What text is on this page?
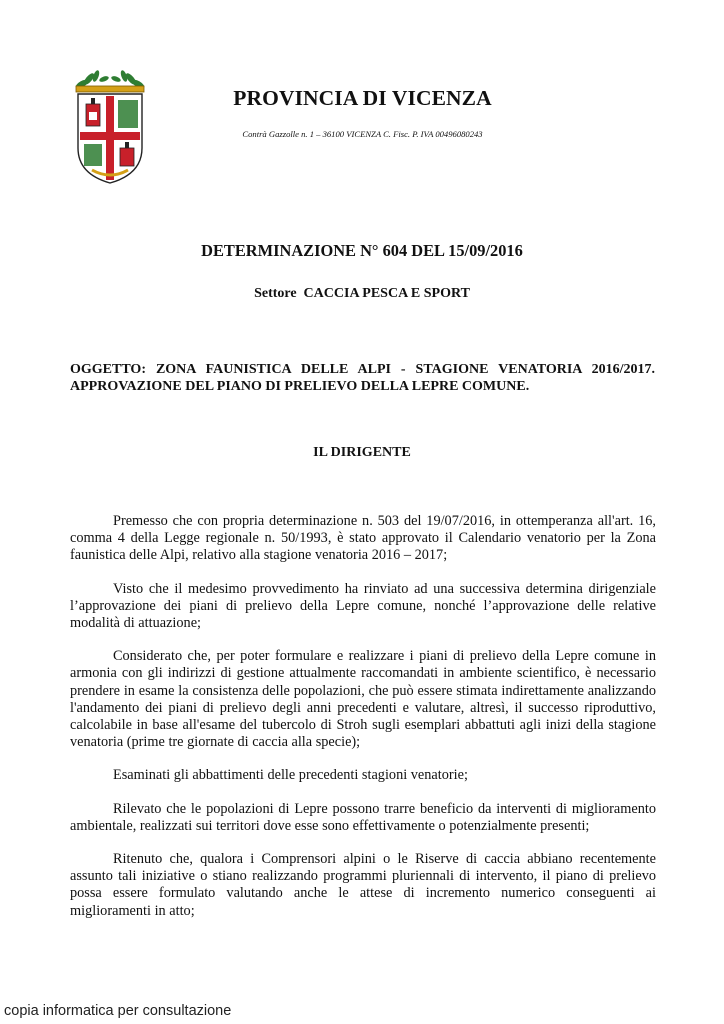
PROVINCIA DI VICENZA
Contrà Gazzolle n. 1 – 36100 VICENZA C. Fisc. P. IVA 00496080243
DETERMINAZIONE N° 604 DEL 15/09/2016
Settore  CACCIA PESCA E SPORT
OGGETTO: ZONA FAUNISTICA DELLE ALPI - STAGIONE VENATORIA 2016/2017.
APPROVAZIONE DEL PIANO DI PRELIEVO DELLA LEPRE COMUNE.
IL DIRIGENTE

Premesso che con propria determinazione n. 503 del 19/07/2016, in ottemperanza all'art. 16, comma 4 della Legge regionale n. 50/1993, è stato approvato il Calendario venatorio per la Zona faunistica delle Alpi, relativo alla stagione venatoria 2016 – 2017;

Visto che il medesimo provvedimento ha rinviato ad una successiva determina dirigenziale l’approvazione dei piani di prelievo della Lepre comune, nonché l’approvazione delle relative modalità di attuazione;

Considerato che, per poter formulare e realizzare i piani di prelievo della Lepre comune in armonia con gli indirizzi di gestione attualmente raccomandati in ambiente scientifico, è necessario prendere in esame la consistenza delle popolazioni, che può essere stimata indirettamente analizzando l'andamento dei piani di prelievo degli anni precedenti e valutare, altresì, il successo riproduttivo, calcolabile in base all'esame del tubercolo di Stroh sugli esemplari abbattuti agli inizi della stagione venatoria (prime tre giornate di caccia alla specie);

Esaminati gli abbattimenti delle precedenti stagioni venatorie;

Rilevato che le popolazioni di Lepre possono trarre beneficio da interventi di miglioramento ambientale, realizzati sui territori dove esse sono effettivamente o potenzialmente presenti;

Ritenuto che, qualora i Comprensori alpini o le Riserve di caccia abbiano recentemente assunto tali iniziative o stiano realizzando programmi pluriennali di intervento, il piano di prelievo possa essere formulato valutando anche le attese di incremento numerico conseguenti ai miglioramenti in atto;

copia informatica per consultazione
